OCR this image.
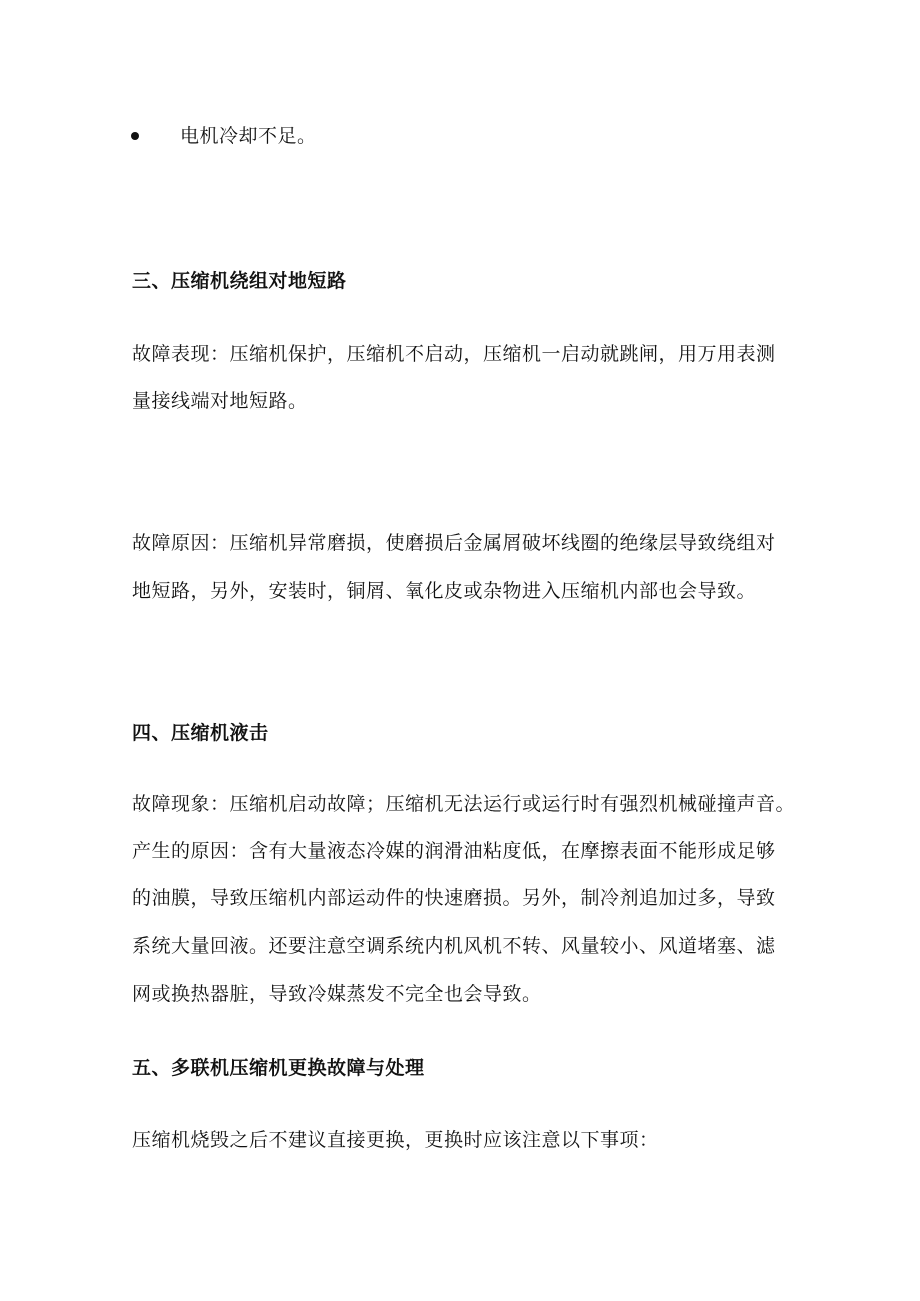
电机冷却不足。
三、压缩机绕组对地短路
故障表现：压缩机保护，压缩机不启动，压缩机一启动就跳闸，用万用表测
量接线端对地短路。
故障原因：压缩机异常磨损，使磨损后金属屑破坏线圈的绝缘层导致绕组对
地短路，另外，安装时，铜屑、氧化皮或杂物进入压缩机内部也会导致。
四、压缩机液击
故障现象：压缩机启动故障；压缩机无法运行或运行时有强烈机械碰撞声音。
产生的原因：含有大量液态冷媒的润滑油粘度低，在摩擦表面不能形成足够
的油膜，导致压缩机内部运动件的快速磨损。另外，制冷剂追加过多，导致
系统大量回液。还要注意空调系统内机风机不转、风量较小、风道堵塞、滤
网或换热器脏，导致冷媒蒸发不完全也会导致。
五、多联机压缩机更换故障与处理
压缩机烧毁之后不建议直接更换，更换时应该注意以下事项：
